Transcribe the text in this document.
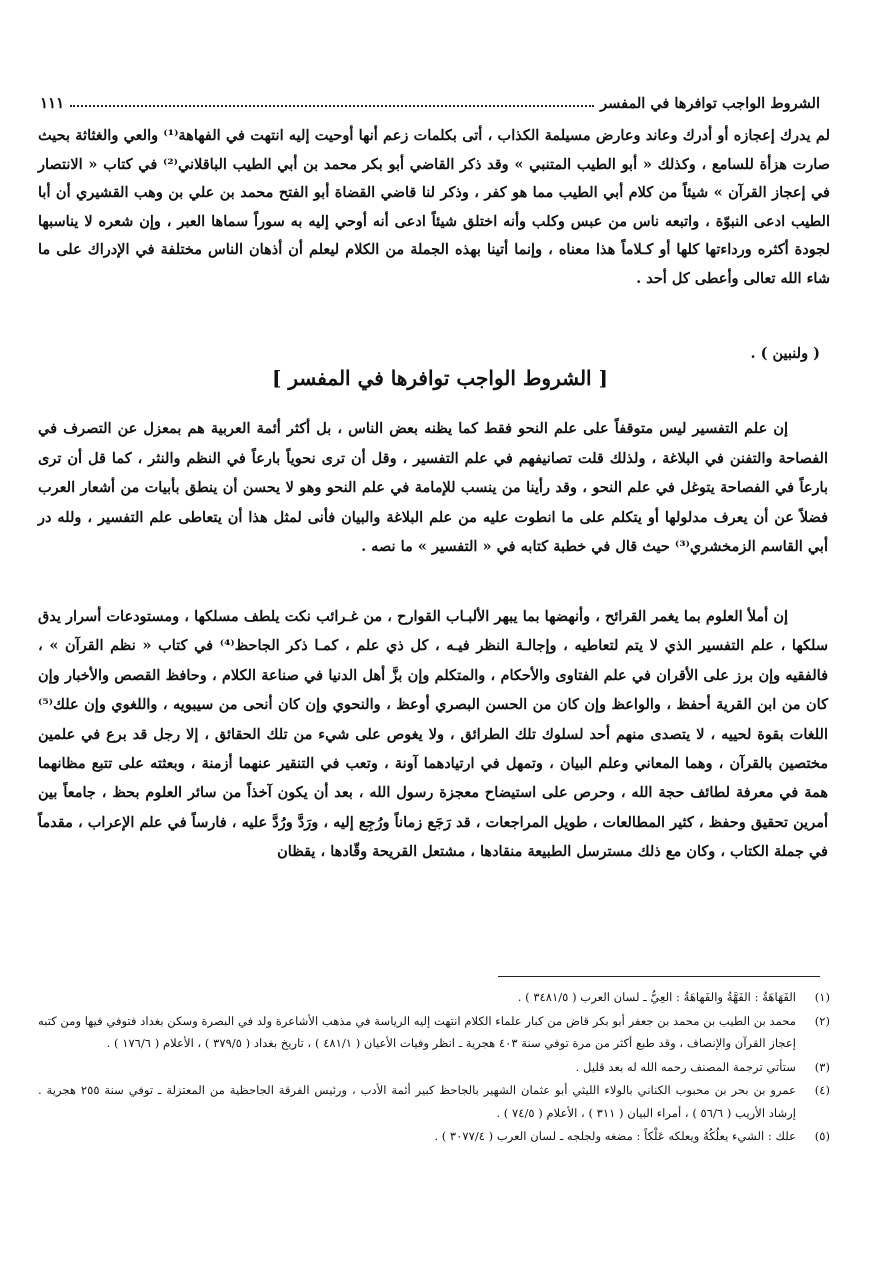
الشروط الواجب توافرها في المفسر
١١١

لم يدرك إعجازه أو أدرك وعاند وعارض مسيلمة الكذاب ، أتى بكلمات زعم أنها أوحيت إليه انتهت في الفهاهة⁽¹⁾ والعي والغثاثة بحيث صارت هزأة للسامع ، وكذلك « أبو الطيب المتنبي » وقد ذكر القاضي أبو بكر محمد بن أبي الطيب الباقلاني⁽²⁾ في كتاب « الانتصار في إعجاز القرآن » شيئاً من كلام أبي الطيب مما هو كفر ، وذكر لنا قاضي القضاة أبو الفتح محمد بن علي بن وهب القشيري أن أبا الطيب ادعى النبوّة ، واتبعه ناس من عبس وكلب وأنه اختلق شيئاً ادعى أنه أوحي إليه به سوراً سماها العبر ، وإن شعره لا يناسبها لجودة أكثره ورداءتها كلها أو كـلاماً هذا معناه ، وإنما أتينا بهذه الجملة من الكلام ليعلم أن أذهان الناس مختلفة في الإدراك على ما شاء الله تعالى وأعطى كل أحد .

( ولنبين ) .

[ الشروط الواجب توافرها في المفسر ]

إن علم التفسير ليس متوقفاً على علم النحو فقط كما يظنه بعض الناس ، بل أكثر أئمة العربية هم بمعزل عن التصرف في الفصاحة والتفنن في البلاغة ، ولذلك قلت تصانيفهم في علم التفسير ، وقل أن ترى نحوياً بارعاً في النظم والنثر ، كما قل أن ترى بارعاً في الفصاحة يتوغل في علم النحو ، وقد رأينا من ينسب للإمامة في علم النحو وهو لا يحسن أن ينطق بأبيات من أشعار العرب فضلاً عن أن يعرف مدلولها أو يتكلم على ما انطوت عليه من علم البلاغة والبيان فأنى لمثل هذا أن يتعاطى علم التفسير ، ولله در أبي القاسم الزمخشري⁽³⁾ حيث قال في خطبة كتابه في « التفسير » ما نصه .

إن أملأ العلوم بما يغمر القرائح ، وأنهضها بما يبهر الألبـاب القوارح ، من غـرائب نكت يلطف مسلكها ، ومستودعات أسرار يدق سلكها ، علم التفسير الذي لا يتم لتعاطيه ، وإجالـة النظر فيـه ، كل ذي علم ، كمـا ذكر الجاحظ⁽⁴⁾ في كتاب « نظم القرآن » ، فالفقيه وإن برز على الأقران في علم الفتاوى والأحكام ، والمتكلم وإن بزَّ أهل الدنيا في صناعة الكلام ، وحافظ القصص والأخبار وإن كان من ابن القرية أحفظ ، والواعظ وإن كان من الحسن البصري أوعظ ، والنحوي وإن كان أنحى من سيبويه ، واللغوي وإن علك⁽⁵⁾ اللغات بقوة لحييه ، لا يتصدى منهم أحد لسلوك تلك الطرائق ، ولا يغوص على شيء من تلك الحقائق ، إلا رجل قد برع في علمين مختصين بالقرآن ، وهما المعاني وعلم البيان ، وتمهل في ارتيادهما آونة ، وتعب في التنقير عنهما أزمنة ، وبعثته على تتبع مظانهما همة في معرفة لطائف حجة الله ، وحرص على استيضاح معجزة رسول الله ، بعد أن يكون آخذاً من سائر العلوم بحظ ، جامعاً بين أمرين تحقيق وحفظ ، كثير المطالعات ، طويل المراجعات ، قد رَجَع زماناً ورُجِع إليه ، ورَدَّ ورُدَّ عليه ، فارساً في علم الإعراب ، مقدماً في جملة الكتاب ، وكان مع ذلك مسترسل الطبيعة منقادها ، مشتعل القريحة وقّادها ، يقظان

(١)
الفَهَاهَةُ : الفَهَّةُ والفَهاهَةُ : العِيُّ ـ لسان العرب ( ٣٤٨١/٥ ) .
(٢)
محمد بن الطيب بن محمد بن جعفر أبو بكر قاض من كبار علماء الكلام انتهت إليه الرياسة في مذهب الأشاعرة ولد في البصرة وسكن بغداد فتوفي فيها ومن كتبه إعجاز القرآن والإنصاف ، وقد طبع أكثر من مرة توفي سنة ٤٠٣ هجرية ـ انظر وفيات الأعيان ( ٤٨١/١ ) ، تاريخ بغداد ( ٣٧٩/٥ ) ، الأعلام ( ١٧٦/٦ ) .
(٣)
ستأتي ترجمة المصنف رحمه الله له بعد قليل .
(٤)
عمرو بن بحر بن محبوب الكناني بالولاء الليثي أبو عثمان الشهير بالجاحظ كبير أئمة الأدب ، ورئيس الفرقة الجاحظية من المعتزلة ـ توفي سنة ٢٥٥ هجرية . إرشاد الأريب ( ٥٦/٦ ) ، أمراء البيان ( ٣١١ ) ، الأعلام ( ٧٤/٥ ) .
(٥)
علك : الشيء يعلُكُهُ ويعلكه عَلْكاً : مضغه ولجلجه ـ لسان العرب ( ٣٠٧٧/٤ ) .
